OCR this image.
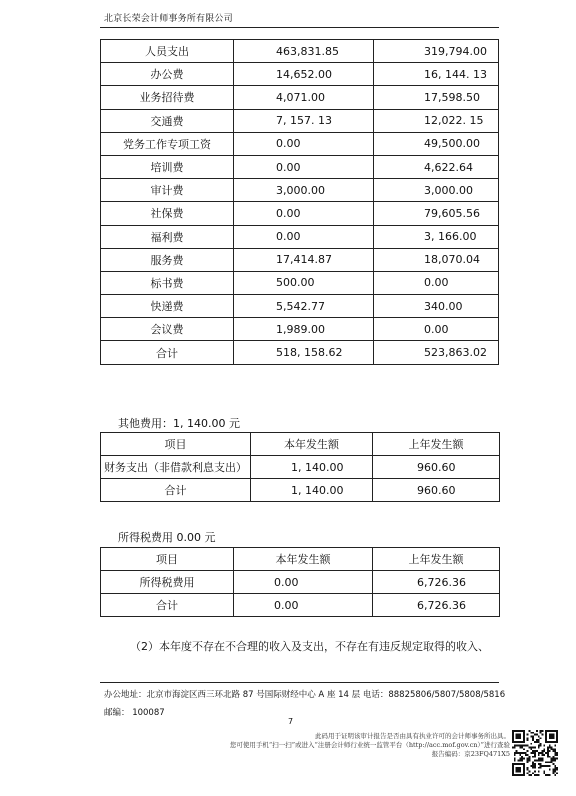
北京长荣会计师事务所有限公司
人员支出	463,831.85	319,794.00
办公费	14,652.00	16, 144. 13
业务招待费	4,071.00	17,598.50
交通费	7, 157. 13	12,022. 15
党务工作专项工资	0.00	49,500.00
培训费	0.00	4,622.64
审计费	3,000.00	3,000.00
社保费	0.00	79,605.56
福利费	0.00	3, 166.00
服务费	17,414.87	18,070.04
标书费	500.00	0.00
快递费	5,542.77	340.00
会议费	1,989.00	0.00
合计	518, 158.62	523,863.02
其他费用：1, 140.00 元
项目	本年发生额	上年发生额
财务支出（非借款利息支出）	1, 140.00	960.60
合计	1, 140.00	960.60
所得税费用 0.00 元
项目	本年发生额	上年发生额
所得税费用	0.00	6,726.36
合计	0.00	6,726.36
（2）本年度不存在不合理的收入及支出，不存在有违反规定取得的收入、
办公地址：北京市海淀区西三环北路 87 号国际财经中心 A 座 14 层 电话：88825806/5807/5808/5816
邮编： 100087
7
此码用于证明该审计报告是否由具有执业许可的会计师事务所出具。
您可使用手机“扫一扫”或进入“注册会计师行业统一监管平台（http://acc.mof.gov.cn）”进行查验
报告编码：京23FQ471X5
